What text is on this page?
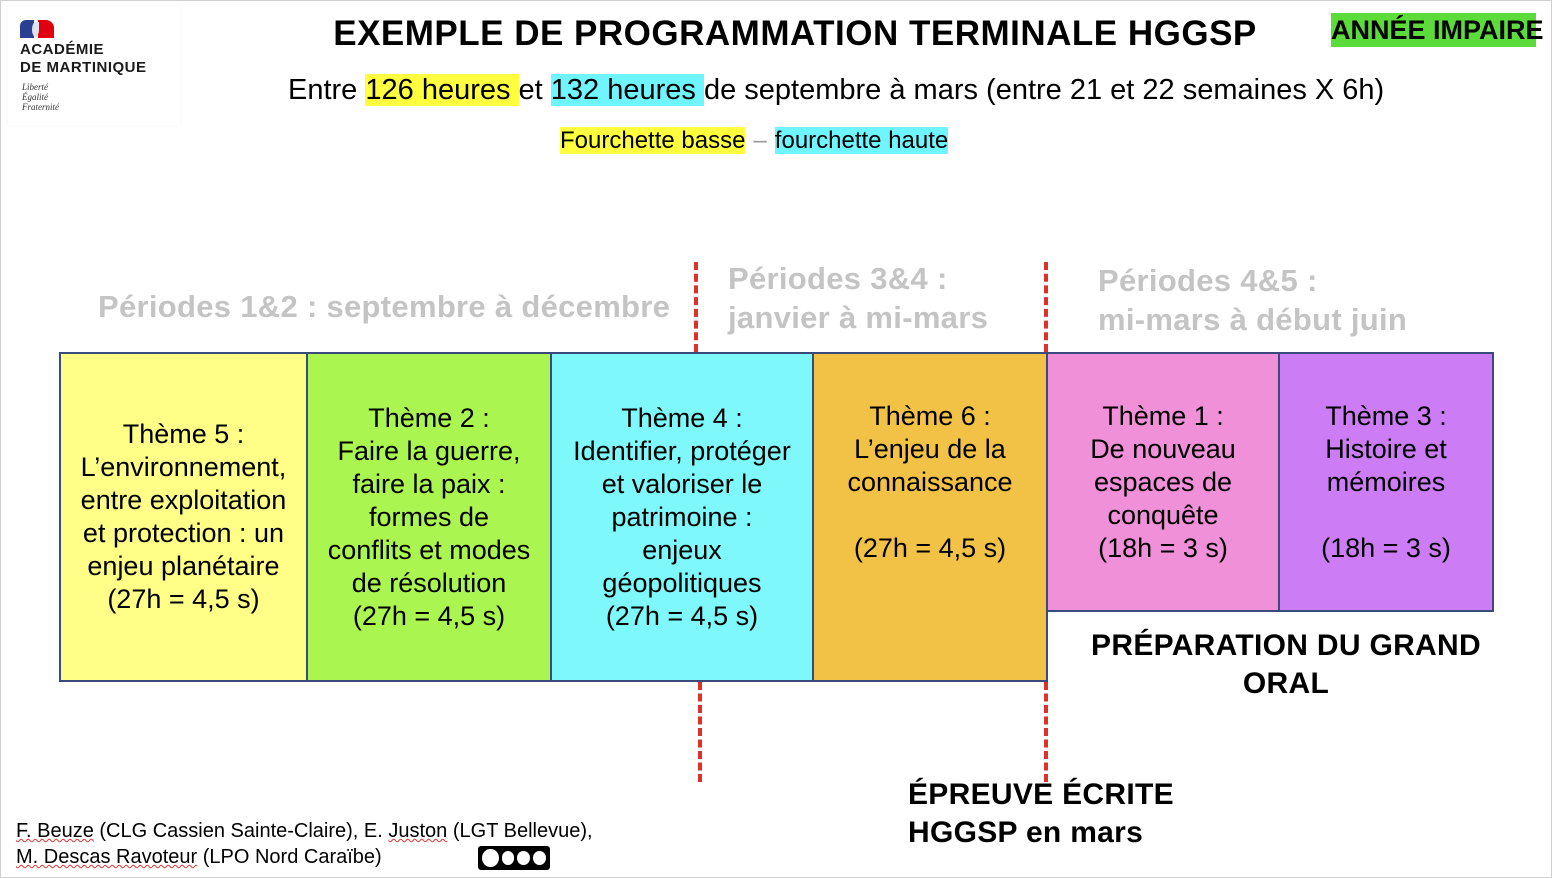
ACADÉMIE
DE MARTINIQUE
Liberté
Égalité
Fraternité
EXEMPLE DE PROGRAMMATION TERMINALE HGGSP	ANNÉE IMPAIRE
Entre 126 heures et 132 heures de septembre à mars (entre 21 et 22 semaines X 6h)
Fourchette basse – fourchette haute
Périodes 1&2 : septembre à décembre
Périodes 3&4 :
janvier à mi-mars
Périodes 4&5 :
mi-mars à début juin
Thème 5 :
L’environnement,
entre exploitation
et protection : un
enjeu planétaire
(27h = 4,5 s)
Thème 2 :
Faire la guerre,
faire la paix :
formes de
conflits et modes
de résolution
(27h = 4,5 s)
Thème 4 :
Identifier, protéger
et valoriser le
patrimoine :
enjeux
géopolitiques
(27h = 4,5 s)
Thème 6 :
L’enjeu de la
connaissance
(27h = 4,5 s)
Thème 1 :
De nouveau
espaces de
conquête
(18h = 3 s)
Thème 3 :
Histoire et
mémoires
(18h = 3 s)
PRÉPARATION DU GRAND
ORAL
ÉPREUVE ÉCRITE
HGGSP en mars
F. Beuze (CLG Cassien Sainte-Claire), E. Juston (LGT Bellevue),
M. Descas Ravoteur (LPO Nord Caraïbe)
